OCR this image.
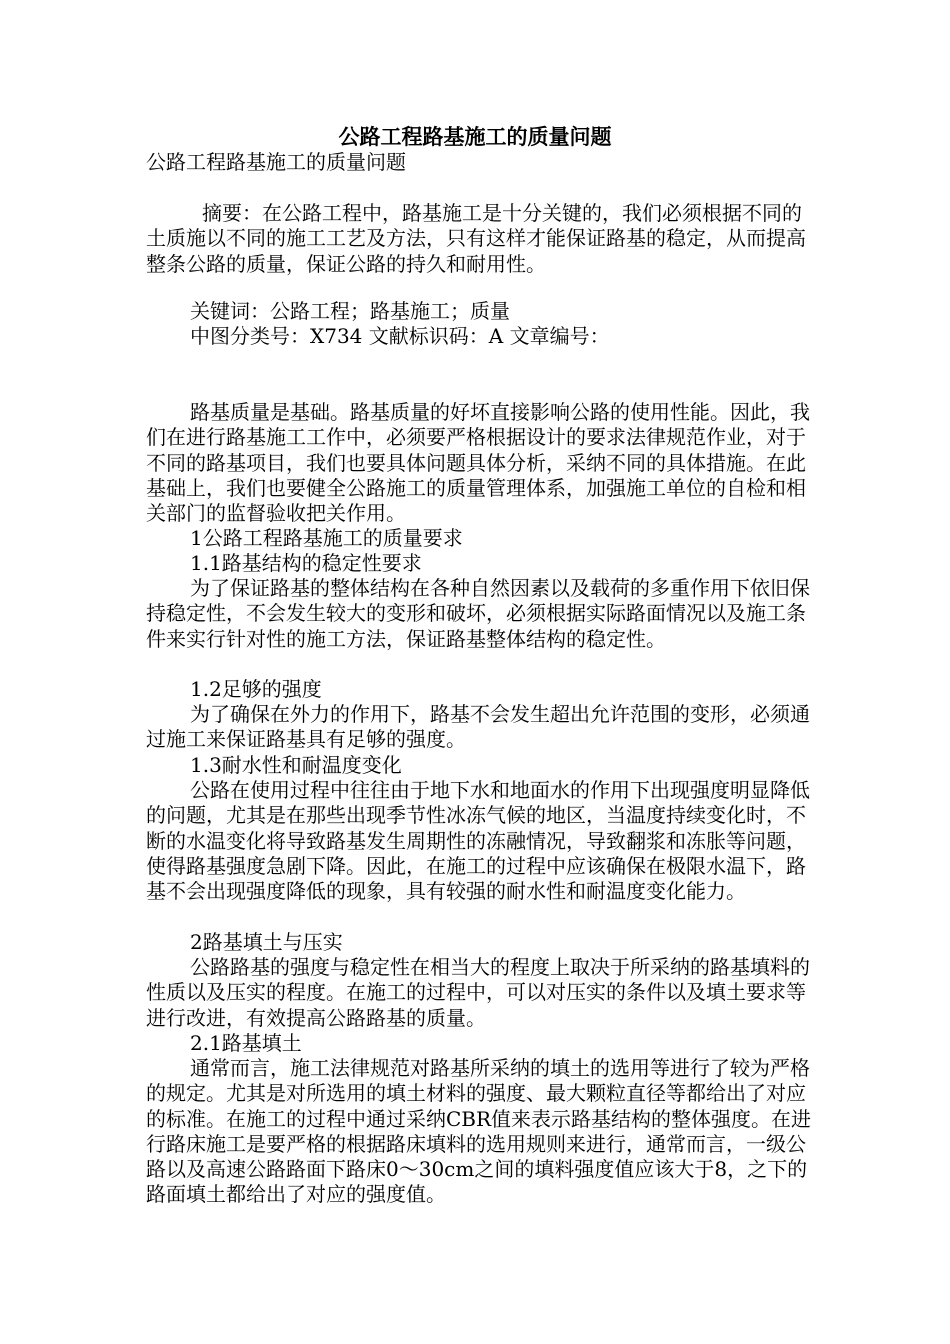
公路工程路基施工的质量问题

公路工程路基施工的质量问题

摘要：在公路工程中，路基施工是十分关键的，我们必须根据不同的土质施以不同的施工工艺及方法，只有这样才能保证路基的稳定，从而提高整条公路的质量，保证公路的持久和耐用性。

关键词：公路工程；路基施工；质量

中图分类号：X734 文献标识码：A 文章编号：

路基质量是基础。路基质量的好坏直接影响公路的使用性能。因此，我们在进行路基施工工作中，必须要严格根据设计的要求法律规范作业，对于不同的路基项目，我们也要具体问题具体分析，采纳不同的具体措施。在此基础上，我们也要健全公路施工的质量管理体系，加强施工单位的自检和相关部门的监督验收把关作用。

1公路工程路基施工的质量要求

1.1路基结构的稳定性要求

为了保证路基的整体结构在各种自然因素以及载荷的多重作用下依旧保持稳定性，不会发生较大的变形和破坏，必须根据实际路面情况以及施工条件来实行针对性的施工方法，保证路基整体结构的稳定性。

1.2足够的强度

为了确保在外力的作用下，路基不会发生超出允许范围的变形，必须通过施工来保证路基具有足够的强度。

1.3耐水性和耐温度变化

公路在使用过程中往往由于地下水和地面水的作用下出现强度明显降低的问题，尤其是在那些出现季节性冰冻气候的地区，当温度持续变化时，不断的水温变化将导致路基发生周期性的冻融情况，导致翻浆和冻胀等问题，使得路基强度急剧下降。因此，在施工的过程中应该确保在极限水温下，路基不会出现强度降低的现象，具有较强的耐水性和耐温度变化能力。

2路基填土与压实

公路路基的强度与稳定性在相当大的程度上取决于所采纳的路基填料的性质以及压实的程度。在施工的过程中，可以对压实的条件以及填土要求等进行改进，有效提高公路路基的质量。

2.1路基填土

通常而言，施工法律规范对路基所采纳的填土的选用等进行了较为严格的规定。尤其是对所选用的填土材料的强度、最大颗粒直径等都给出了对应的标准。在施工的过程中通过采纳CBR值来表示路基结构的整体强度。在进行路床施工是要严格的根据路床填料的选用规则来进行，通常而言，一级公路以及高速公路路面下路床0～30cm之间的填料强度值应该大于8，之下的路面填土都给出了对应的强度值。
